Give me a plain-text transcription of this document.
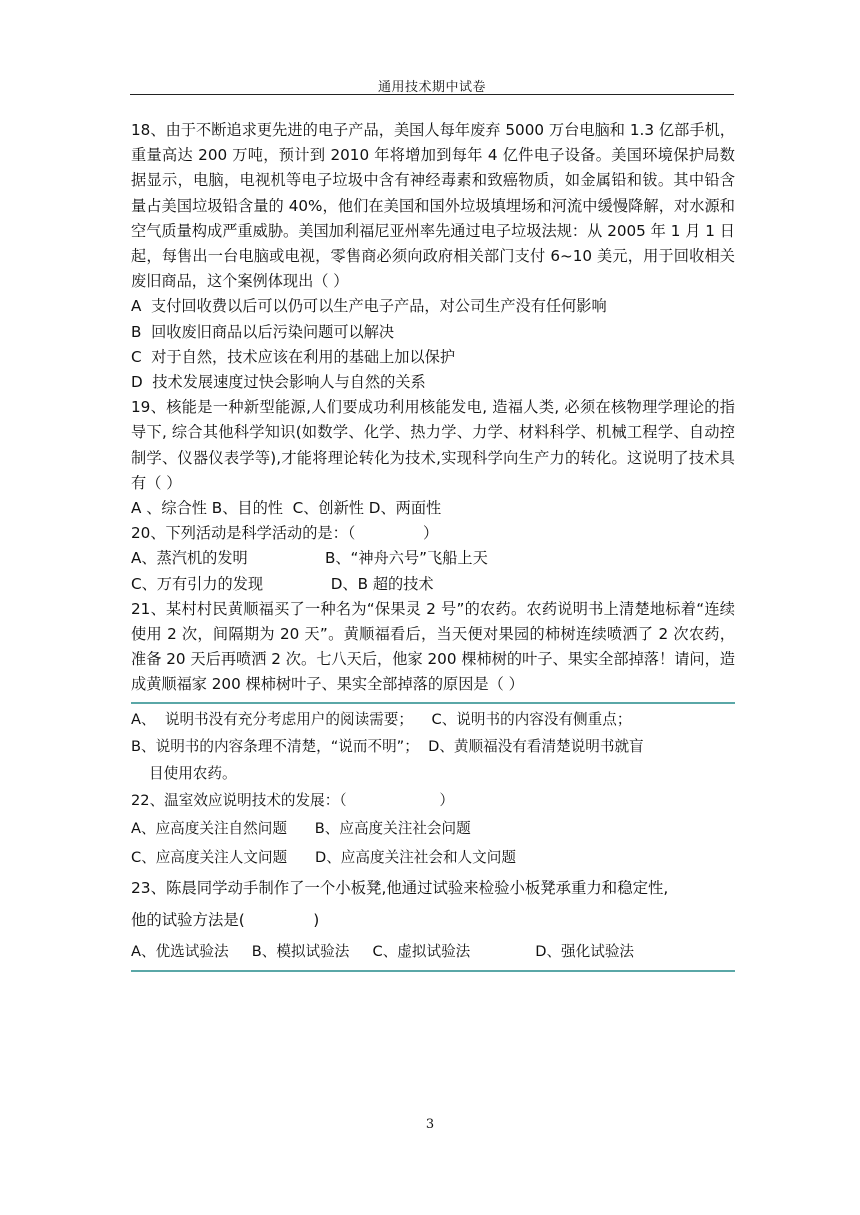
通用技术期中试卷

18、由于不断追求更先进的电子产品，美国人每年废弃 5000 万台电脑和 1.3 亿部手机，重量高达 200 万吨，预计到 2010 年将增加到每年 4 亿件电子设备。美国环境保护局数据显示，电脑，电视机等电子垃圾中含有神经毒素和致癌物质，如金属铅和钹。其中铅含量占美国垃圾铅含量的 40%，他们在美国和国外垃圾填埋场和河流中缓慢降解，对水源和空气质量构成严重威胁。美国加利福尼亚州率先通过电子垃圾法规：从 2005 年 1 月 1 日起，每售出一台电脑或电视，零售商必须向政府相关部门支付 6~10 美元，用于回收相关废旧商品，这个案例体现出（ ）

A  支付回收费以后可以仍可以生产电子产品，对公司生产没有任何影响

B  回收废旧商品以后污染问题可以解决

C  对于自然，技术应该在利用的基础上加以保护

D  技术发展速度过快会影响人与自然的关系

19、核能是一种新型能源,人们要成功利用核能发电, 造福人类, 必须在核物理学理论的指导下, 综合其他科学知识(如数学、化学、热力学、力学、材料科学、机械工程学、自动控制学、仪器仪表学等),才能将理论转化为技术,实现科学向生产力的转化。这说明了技术具有（ ）

A 、综合性 B、目的性  C、创新性 D、两面性

20、下列活动是科学活动的是：（              ）

A、蒸汽机的发明                B、“神舟六号”飞船上天

C、万有引力的发现              D、B 超的技术

21、某村村民黄顺福买了一种名为“保果灵 2 号”的农药。农药说明书上清楚地标着“连续使用 2 次，间隔期为 20 天”。黄顺福看后，当天便对果园的柿树连续喷洒了 2 次农药，准备 20 天后再喷洒 2 次。七八天后，他家 200 棵柿树的叶子、果实全部掉落！请问，造成黄顺福家 200 棵柿树叶子、果实全部掉落的原因是（ ）

A、  说明书没有充分考虑用户的阅读需要；    C、说明书的内容没有侧重点；

B、说明书的内容条理不清楚，“说而不明”；  D、黄顺福没有看清楚说明书就盲

目使用农药。

22、温室效应说明技术的发展：（                    ）

A、应高度关注自然问题      B、应高度关注社会问题

C、应高度关注人文问题      D、应高度关注社会和人文问题

23、陈晨同学动手制作了一个小板凳,他通过试验来检验小板凳承重力和稳定性,

他的试验方法是(              )

A、优选试验法     B、模拟试验法     C、虚拟试验法              D、强化试验法

3
